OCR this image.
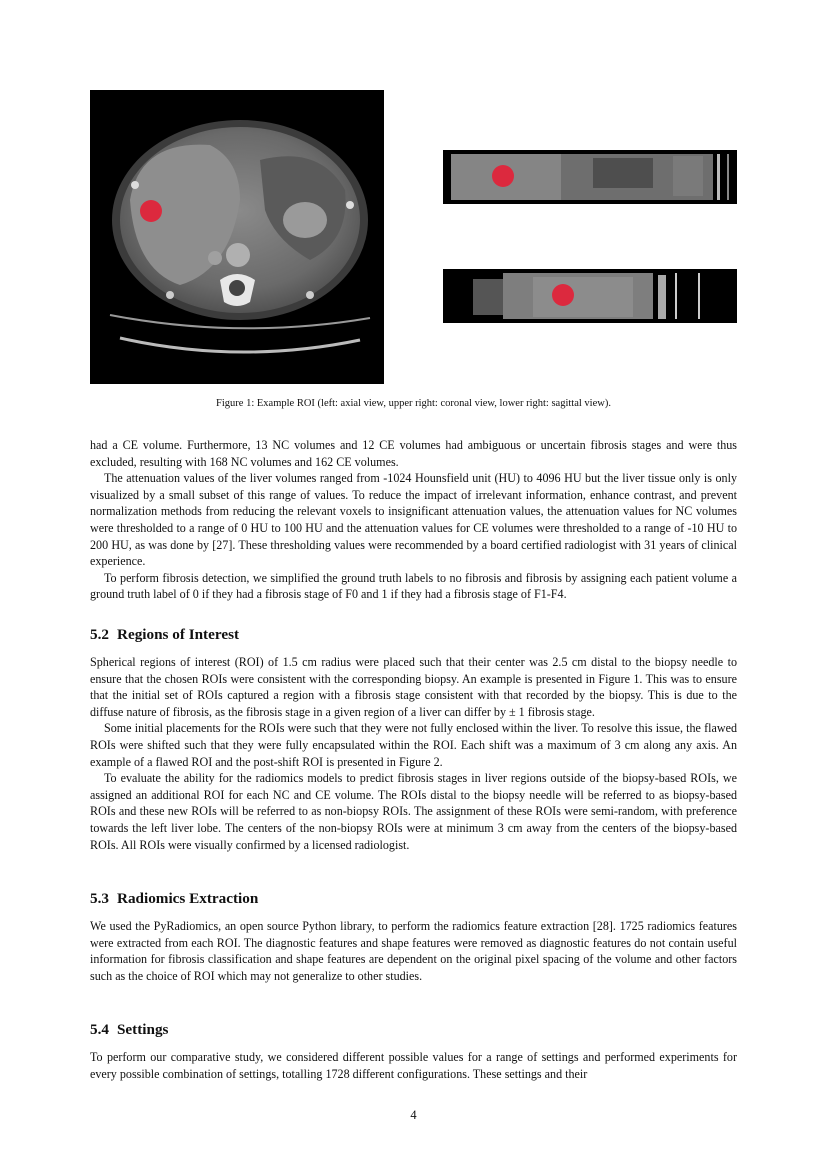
Figure 1: Example ROI (left: axial view, upper right: coronal view, lower right: sagittal view).

had a CE volume. Furthermore, 13 NC volumes and 12 CE volumes had ambiguous or uncertain fibrosis stages and were thus excluded, resulting with 168 NC volumes and 162 CE volumes.

The attenuation values of the liver volumes ranged from -1024 Hounsfield unit (HU) to 4096 HU but the liver tissue only is only visualized by a small subset of this range of values. To reduce the impact of irrelevant information, enhance contrast, and prevent normalization methods from reducing the relevant voxels to insignificant attenuation values, the attenuation values for NC volumes were thresholded to a range of 0 HU to 100 HU and the attenuation values for CE volumes were thresholded to a range of -10 HU to 200 HU, as was done by [27]. These thresholding values were recommended by a board certified radiologist with 31 years of clinical experience.

To perform fibrosis detection, we simplified the ground truth labels to no fibrosis and fibrosis by assigning each patient volume a ground truth label of 0 if they had a fibrosis stage of F0 and 1 if they had a fibrosis stage of F1-F4.

5.2 Regions of Interest

Spherical regions of interest (ROI) of 1.5 cm radius were placed such that their center was 2.5 cm distal to the biopsy needle to ensure that the chosen ROIs were consistent with the corresponding biopsy. An example is presented in Figure 1. This was to ensure that the initial set of ROIs captured a region with a fibrosis stage consistent with that recorded by the biopsy. This is due to the diffuse nature of fibrosis, as the fibrosis stage in a given region of a liver can differ by ± 1 fibrosis stage.

Some initial placements for the ROIs were such that they were not fully enclosed within the liver. To resolve this issue, the flawed ROIs were shifted such that they were fully encapsulated within the ROI. Each shift was a maximum of 3 cm along any axis. An example of a flawed ROI and the post-shift ROI is presented in Figure 2.

To evaluate the ability for the radiomics models to predict fibrosis stages in liver regions outside of the biopsy-based ROIs, we assigned an additional ROI for each NC and CE volume. The ROIs distal to the biopsy needle will be referred to as biopsy-based ROIs and these new ROIs will be referred to as non-biopsy ROIs. The assignment of these ROIs were semi-random, with preference towards the left liver lobe. The centers of the non-biopsy ROIs were at minimum 3 cm away from the centers of the biopsy-based ROIs. All ROIs were visually confirmed by a licensed radiologist.

5.3 Radiomics Extraction

We used the PyRadiomics, an open source Python library, to perform the radiomics feature extraction [28]. 1725 radiomics features were extracted from each ROI. The diagnostic features and shape features were removed as diagnostic features do not contain useful information for fibrosis classification and shape features are dependent on the original pixel spacing of the volume and other factors such as the choice of ROI which may not generalize to other studies.

5.4 Settings

To perform our comparative study, we considered different possible values for a range of settings and performed experiments for every possible combination of settings, totalling 1728 different configurations. These settings and their

4
